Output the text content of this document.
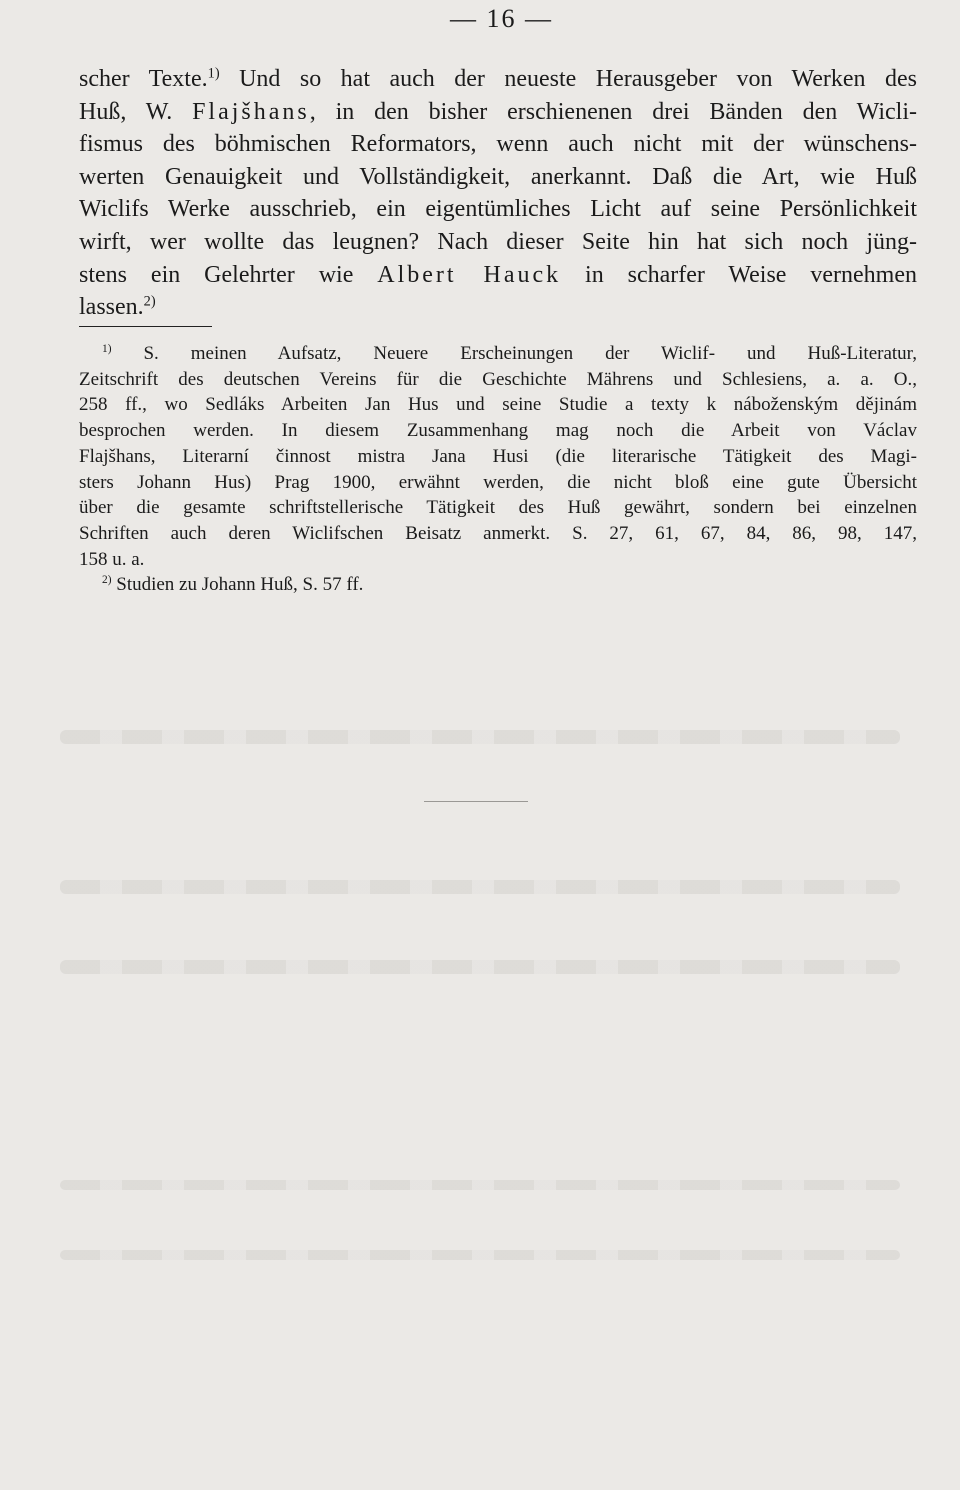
— 16 —
scher Texte.$^{1)}$ Und so hat auch der neueste Herausgeber von Werken des
Huß, W. Flajšhans, in den bisher erschienenen drei Bänden den Wicli-
fismus des böhmischen Reformators, wenn auch nicht mit der wünschens-
werten Genauigkeit und Vollständigkeit, anerkannt. Daß die Art, wie Huß
Wiclifs Werke ausschrieb, ein eigentümliches Licht auf seine Persönlichkeit
wirft, wer wollte das leugnen? Nach dieser Seite hin hat sich noch jüng-
stens ein Gelehrter wie Albert Hauck in scharfer Weise vernehmen
lassen.$^{2)}$
$^{1)}$ S. meinen Aufsatz, Neuere Erscheinungen der Wiclif- und Huß-Literatur,
Zeitschrift des deutschen Vereins für die Geschichte Mährens und Schlesiens, a. a. O.,
258 ff., wo Sedláks Arbeiten Jan Hus und seine Studie a texty k náboženským dějinám
besprochen werden. In diesem Zusammenhang mag noch die Arbeit von Václav
Flajšhans, Literarní činnost mistra Jana Husi (die literarische Tätigkeit des Magi-
sters Johann Hus) Prag 1900, erwähnt werden, die nicht bloß eine gute Übersicht
über die gesamte schriftstellerische Tätigkeit des Huß gewährt, sondern bei einzelnen
Schriften auch deren Wiclifschen Beisatz anmerkt. S. 27, 61, 67, 84, 86, 98, 147,
158 u. a.
$^{2)}$ Studien zu Johann Huß, S. 57 ff.
